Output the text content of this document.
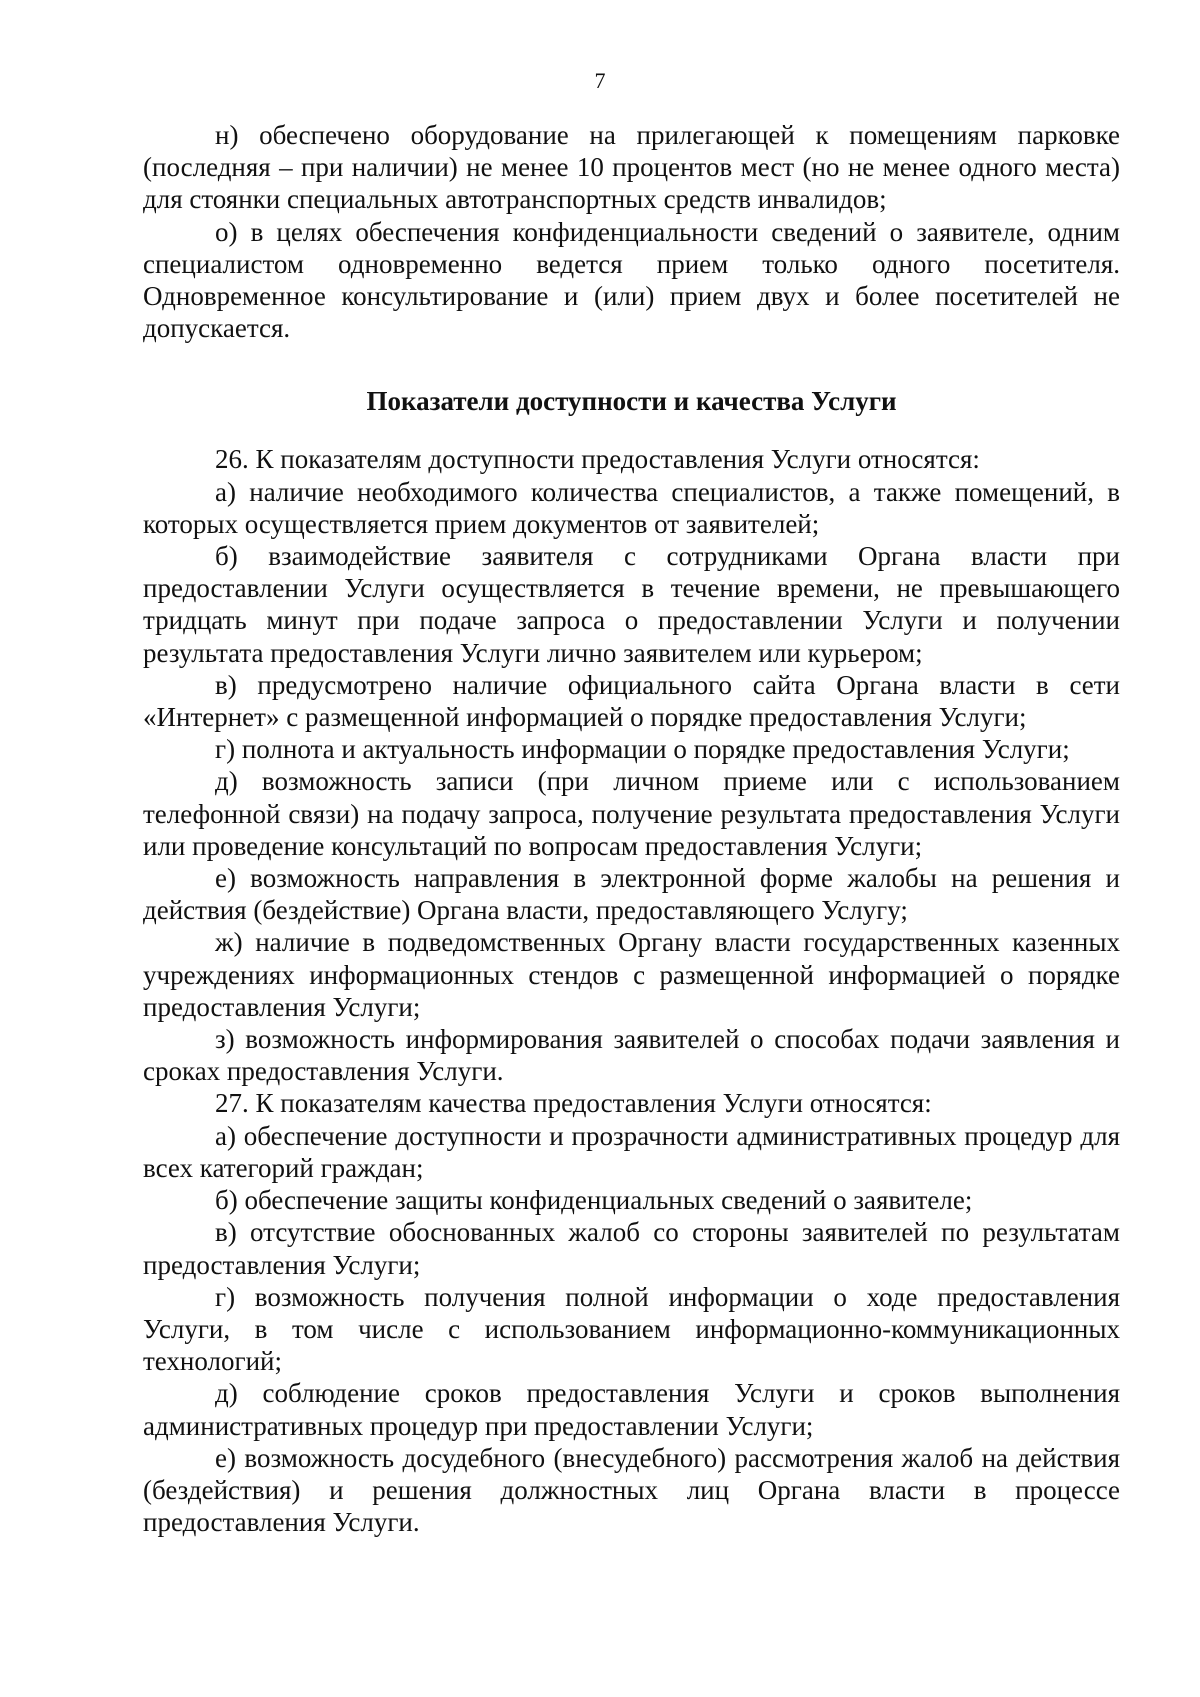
7

н) обеспечено оборудование на прилегающей к помещениям парковке (последняя – при наличии) не менее 10 процентов мест (но не менее одного места) для стоянки специальных автотранспортных средств инвалидов;

о) в целях обеспечения конфиденциальности сведений о заявителе, одним специалистом одновременно ведется прием только одного посетителя. Одновременное консультирование и (или) прием двух и более посетителей не допускается.

Показатели доступности и качества Услуги

26. К показателям доступности предоставления Услуги относятся:

а) наличие необходимого количества специалистов, а также помещений, в которых осуществляется прием документов от заявителей;

б) взаимодействие заявителя с сотрудниками Органа власти при предоставлении Услуги осуществляется в течение времени, не превышающего тридцать минут при подаче запроса о предоставлении Услуги и получении результата предоставления Услуги лично заявителем или курьером;

в) предусмотрено наличие официального сайта Органа власти в сети «Интернет» с размещенной информацией о порядке предоставления Услуги;

г) полнота и актуальность информации о порядке предоставления Услуги;

д) возможность записи (при личном приеме или с использованием телефонной связи) на подачу запроса, получение результата предоставления Услуги или проведение консультаций по вопросам предоставления Услуги;

е) возможность направления в электронной форме жалобы на решения и действия (бездействие) Органа власти, предоставляющего Услугу;

ж) наличие в подведомственных Органу власти государственных казенных учреждениях информационных стендов с размещенной информацией о порядке предоставления Услуги;

з) возможность информирования заявителей о способах подачи заявления и сроках предоставления Услуги.

27. К показателям качества предоставления Услуги относятся:

а) обеспечение доступности и прозрачности административных процедур для всех категорий граждан;

б) обеспечение защиты конфиденциальных сведений о заявителе;

в) отсутствие обоснованных жалоб со стороны заявителей по результатам предоставления Услуги;

г) возможность получения полной информации о ходе предоставления Услуги, в том числе с использованием информационно-коммуникационных технологий;

д) соблюдение сроков предоставления Услуги и сроков выполнения административных процедур при предоставлении Услуги;

е) возможность досудебного (внесудебного) рассмотрения жалоб на действия (бездействия) и решения должностных лиц Органа власти в процессе предоставления Услуги.
